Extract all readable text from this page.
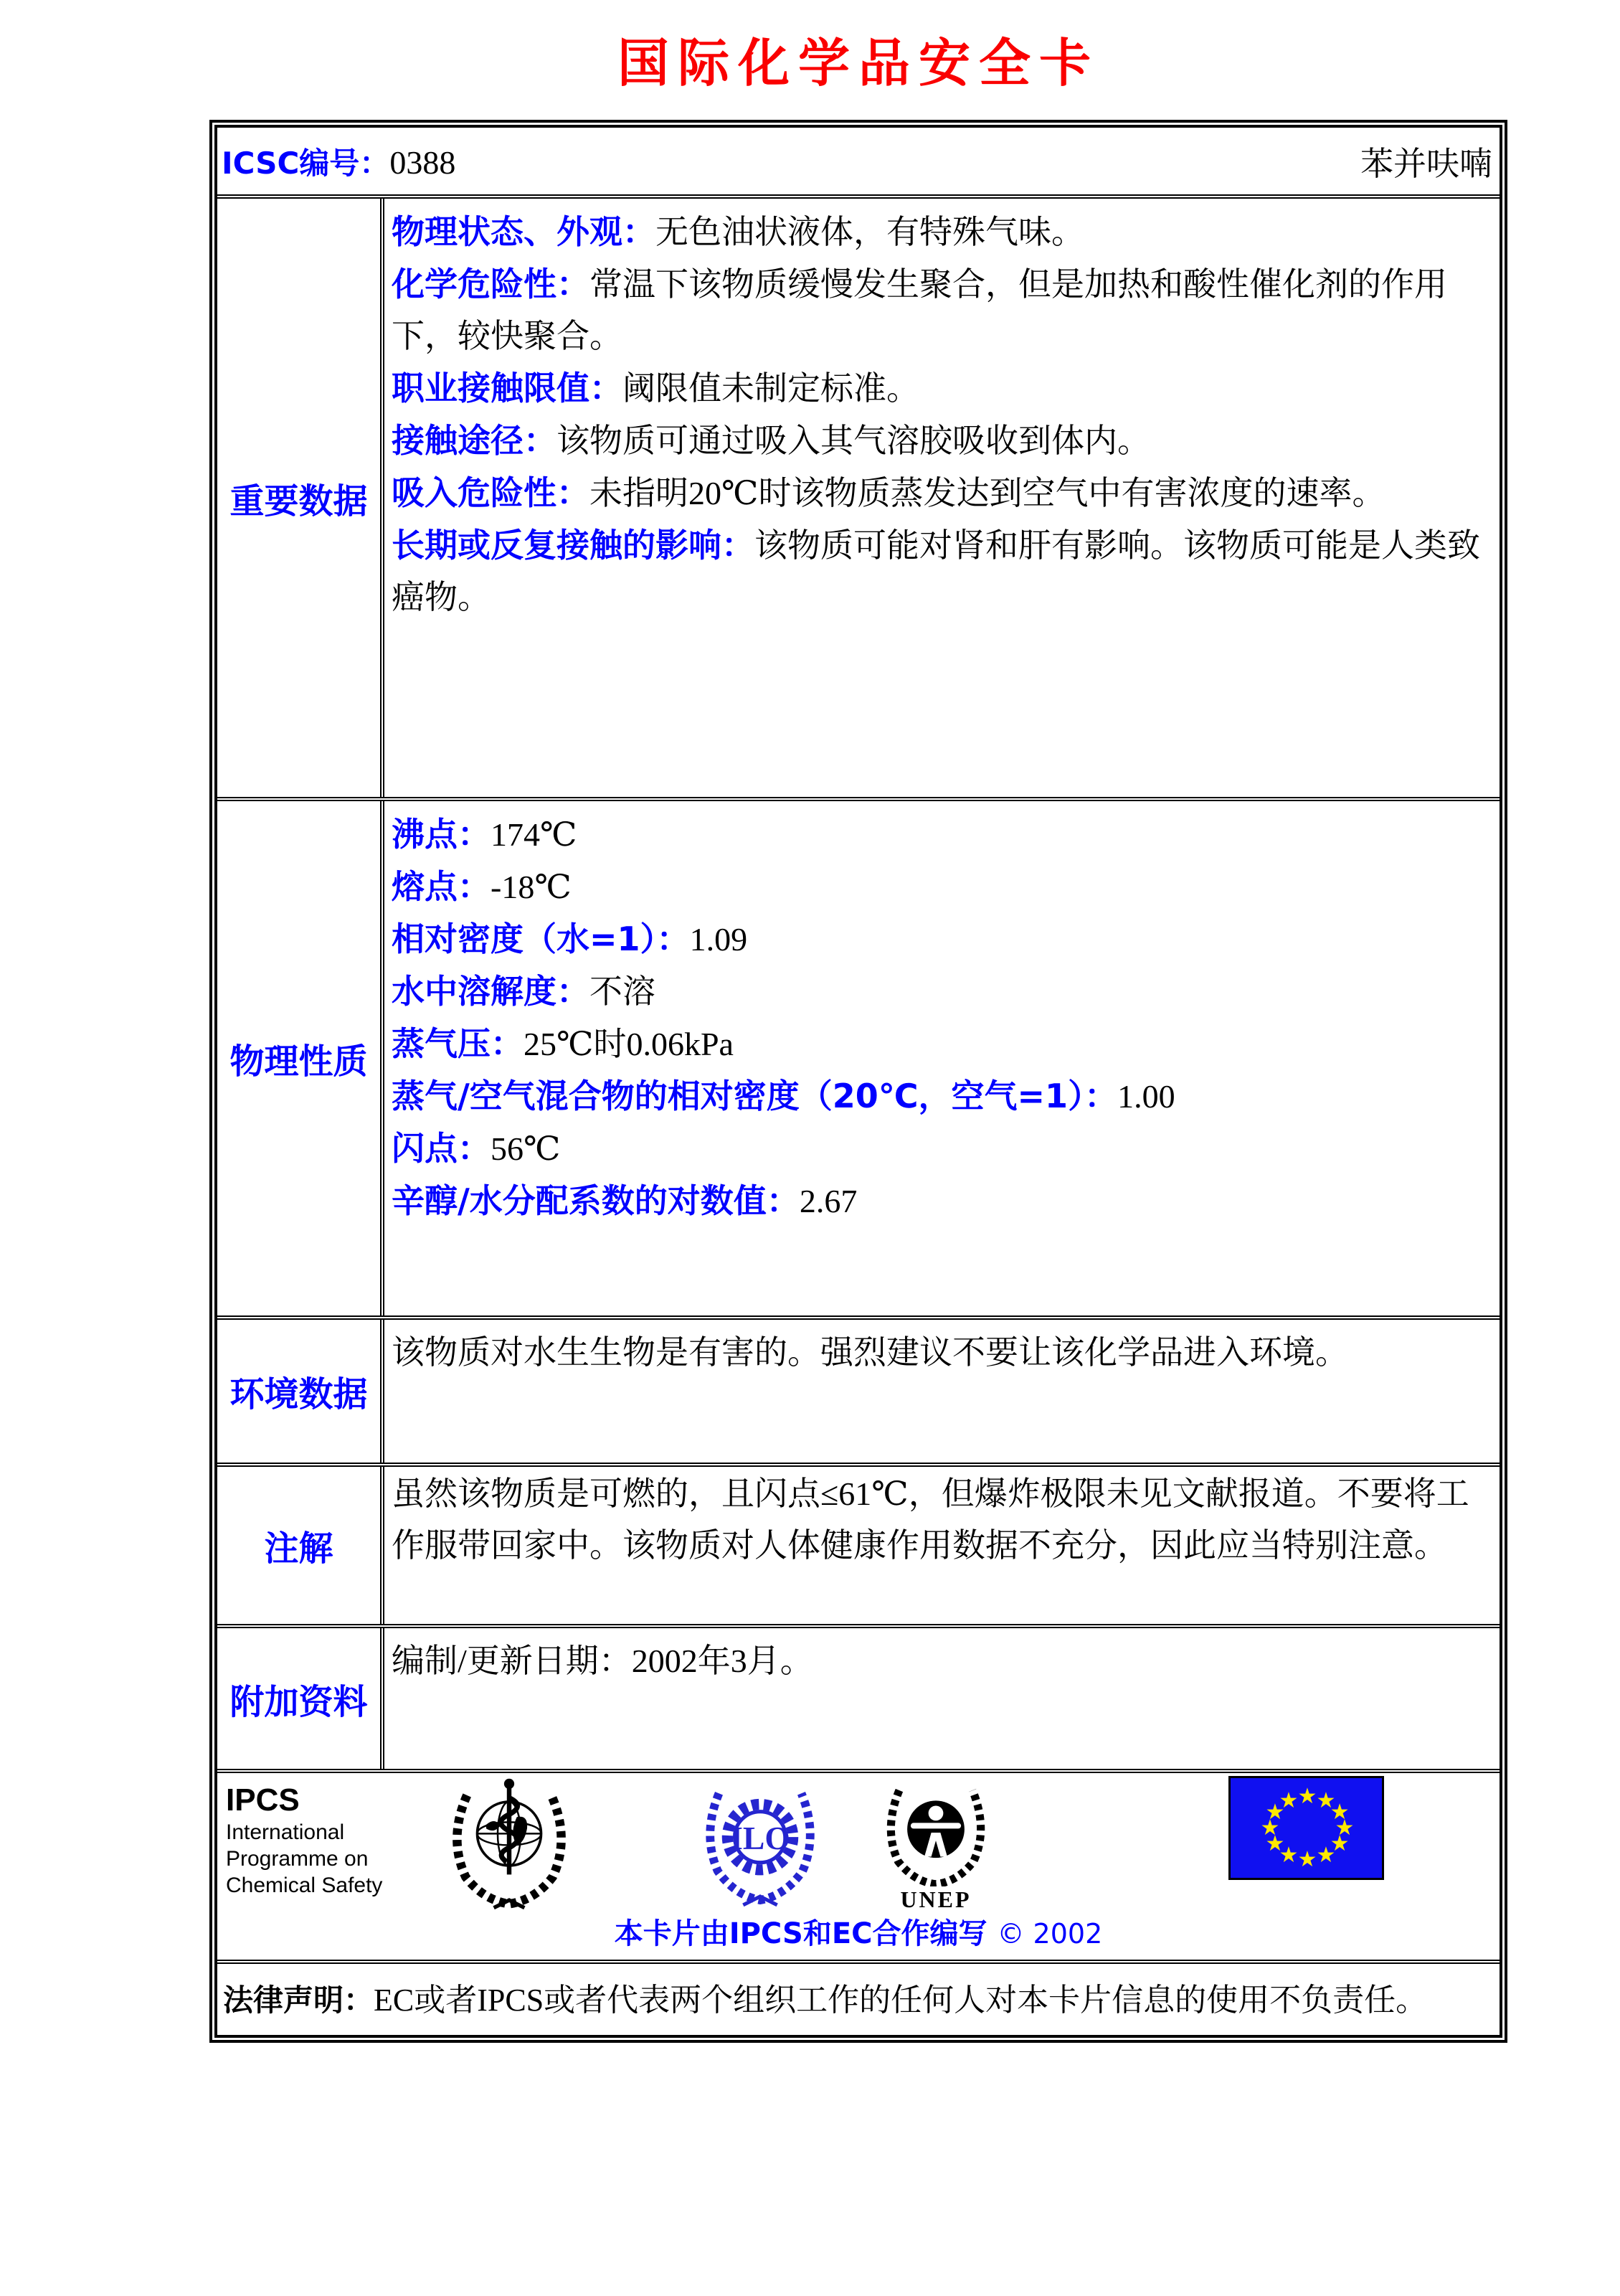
国际化学品安全卡
ICSC编号：0388	苯并呋喃
重要数据

物理状态、外观：无色油状液体，有特殊气味。

化学危险性：常温下该物质缓慢发生聚合，但是加热和酸性催化剂的作用下，较快聚合。

职业接触限值：阈限值未制定标准。

接触途径：该物质可通过吸入其气溶胶吸收到体内。

吸入危险性：未指明20℃时该物质蒸发达到空气中有害浓度的速率。

长期或反复接触的影响：该物质可能对肾和肝有影响。该物质可能是人类致癌物。

物理性质

沸点：174℃

熔点：-18℃

相对密度（水=1）：1.09

水中溶解度：不溶

蒸气压：25℃时0.06kPa

蒸气/空气混合物的相对密度（20℃，空气=1）：1.00

闪点：56℃

辛醇/水分配系数的对数值：2.67

环境数据

该物质对水生生物是有害的。强烈建议不要让该化学品进入环境。

注解

虽然该物质是可燃的，且闪点≤61℃，但爆炸极限未见文献报道。不要将工作服带回家中。该物质对人体健康作用数据不充分，因此应当特别注意。

附加资料

编制/更新日期：2002年3月。

IPCS
International
Programme on
Chemical Safety
ILO
UNEP
★ ★
★
★
★
★
★
★
★
★
★
★
本卡片由IPCS和EC合作编写 © 2002
法律声明：EC或者IPCS或者代表两个组织工作的任何人对本卡片信息的使用不负责任。
